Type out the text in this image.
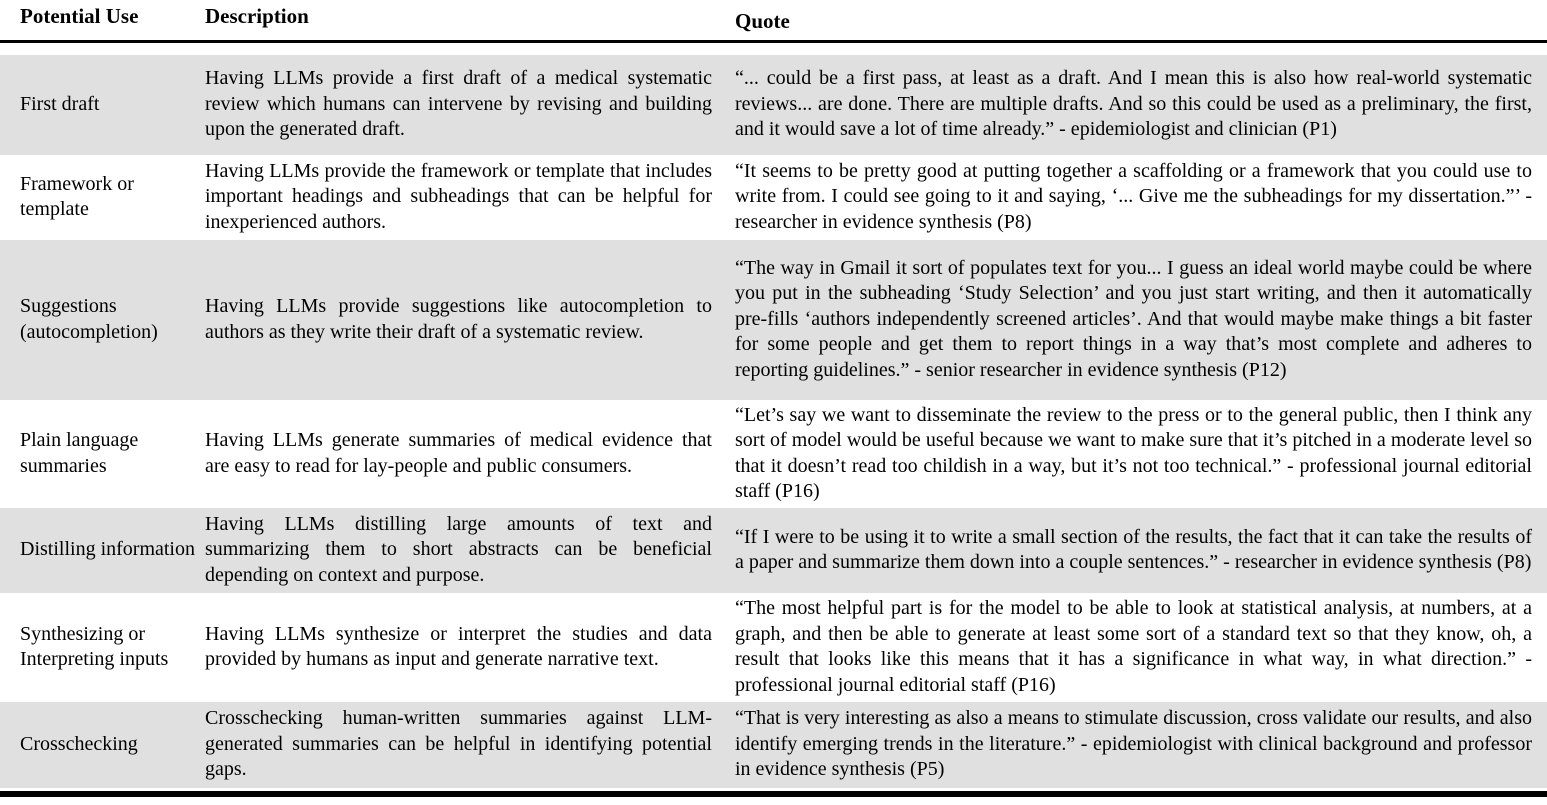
Potential Use	Description	Quote
First draft
Having LLMs provide a first draft of a medical systematic review which humans can intervene by revising and building upon the generated draft.
“... could be a first pass, at least as a draft. And I mean this is also how real-world systematic reviews... are done. There are multiple drafts. And so this could be used as a preliminary, the first, and it would save a lot of time already.” - epidemiologist and clinician (P1)
Framework or template
Having LLMs provide the framework or template that includes important headings and subheadings that can be helpful for inexperienced authors.
“It seems to be pretty good at putting together a scaffolding or a framework that you could use to write from. I could see going to it and saying, ‘... Give me the subheadings for my dissertation.”’ - researcher in evidence synthesis (P8)
Suggestions (autocompletion)
Having LLMs provide suggestions like autocompletion to authors as they write their draft of a systematic review.
“The way in Gmail it sort of populates text for you... I guess an ideal world maybe could be where you put in the subheading ‘Study Selection’ and you just start writing, and then it automatically pre-fills ‘authors independently screened articles’. And that would maybe make things a bit faster for some people and get them to report things in a way that’s most complete and adheres to reporting guidelines.” - senior researcher in evidence synthesis (P12)
Plain language summaries
Having LLMs generate summaries of medical evidence that are easy to read for lay-people and public consumers.
“Let’s say we want to disseminate the review to the press or to the general public, then I think any sort of model would be useful because we want to make sure that it’s pitched in a moderate level so that it doesn’t read too childish in a way, but it’s not too technical.” - professional journal editorial staff (P16)
Distilling information
Having LLMs distilling large amounts of text and summarizing them to short abstracts can be beneficial depending on context and purpose.
“If I were to be using it to write a small section of the results, the fact that it can take the results of a paper and summarize them down into a couple sentences.” - researcher in evidence synthesis (P8)
Synthesizing or Interpreting inputs
Having LLMs synthesize or interpret the studies and data provided by humans as input and generate narrative text.
“The most helpful part is for the model to be able to look at statistical analysis, at numbers, at a graph, and then be able to generate at least some sort of a standard text so that they know, oh, a result that looks like this means that it has a significance in what way, in what direction.” - professional journal editorial staff (P16)
Crosschecking
Crosschecking human-written summaries against LLM-generated summaries can be helpful in identifying potential gaps.
“That is very interesting as also a means to stimulate discussion, cross validate our results, and also identify emerging trends in the literature.” - epidemiologist with clinical background and professor in evidence synthesis (P5)
